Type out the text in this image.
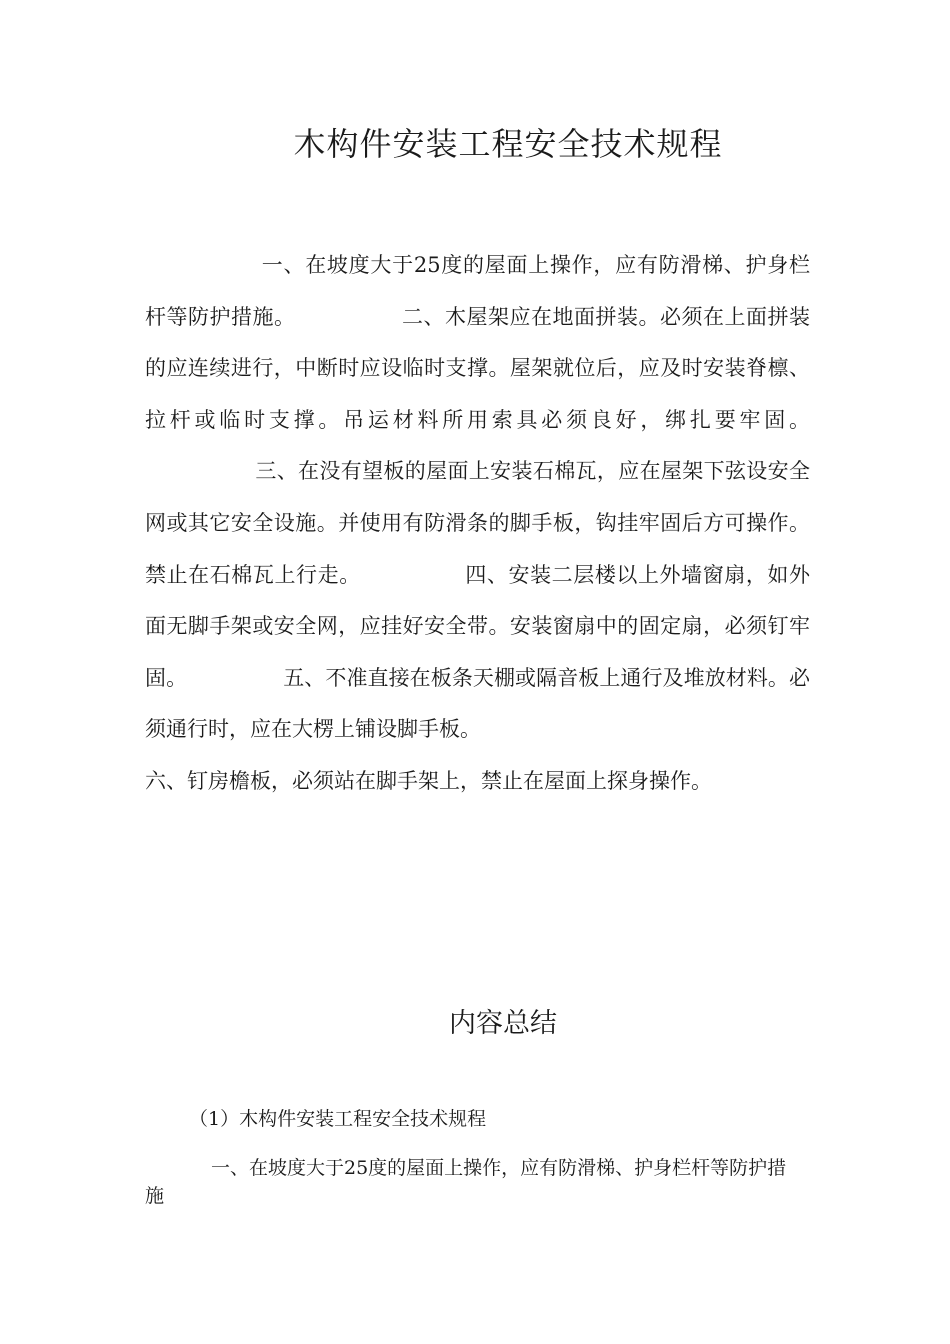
木构件安装工程安全技术规程
一、在坡度大于25度的屋面上操作，应有防滑梯、护身栏杆等防护措施。	二、木屋架应在地面拼装。必须在上面拼装的应连续进行，中断时应设临时支撑。屋架就位后，应及时安装脊檩、拉杆或临时支撑。吊运材料所用索具必须良好，绑扎要牢固。三、在没有望板的屋面上安装石棉瓦，应在屋架下弦设安全网或其它安全设施。并使用有防滑条的脚手板，钩挂牢固后方可操作。禁止在石棉瓦上行走。	四、安装二层楼以上外墙窗扇，如外面无脚手架或安全网，应挂好安全带。安装窗扇中的固定扇，必须钉牢固。	五、不准直接在板条天棚或隔音板上通行及堆放材料。必须通行时，应在大楞上铺设脚手板。
六、钉房檐板，必须站在脚手架上，禁止在屋面上探身操作。
内容总结

（1）木构件安装工程安全技术规程

一、在坡度大于25度的屋面上操作，应有防滑梯、护身栏杆等防护措施
